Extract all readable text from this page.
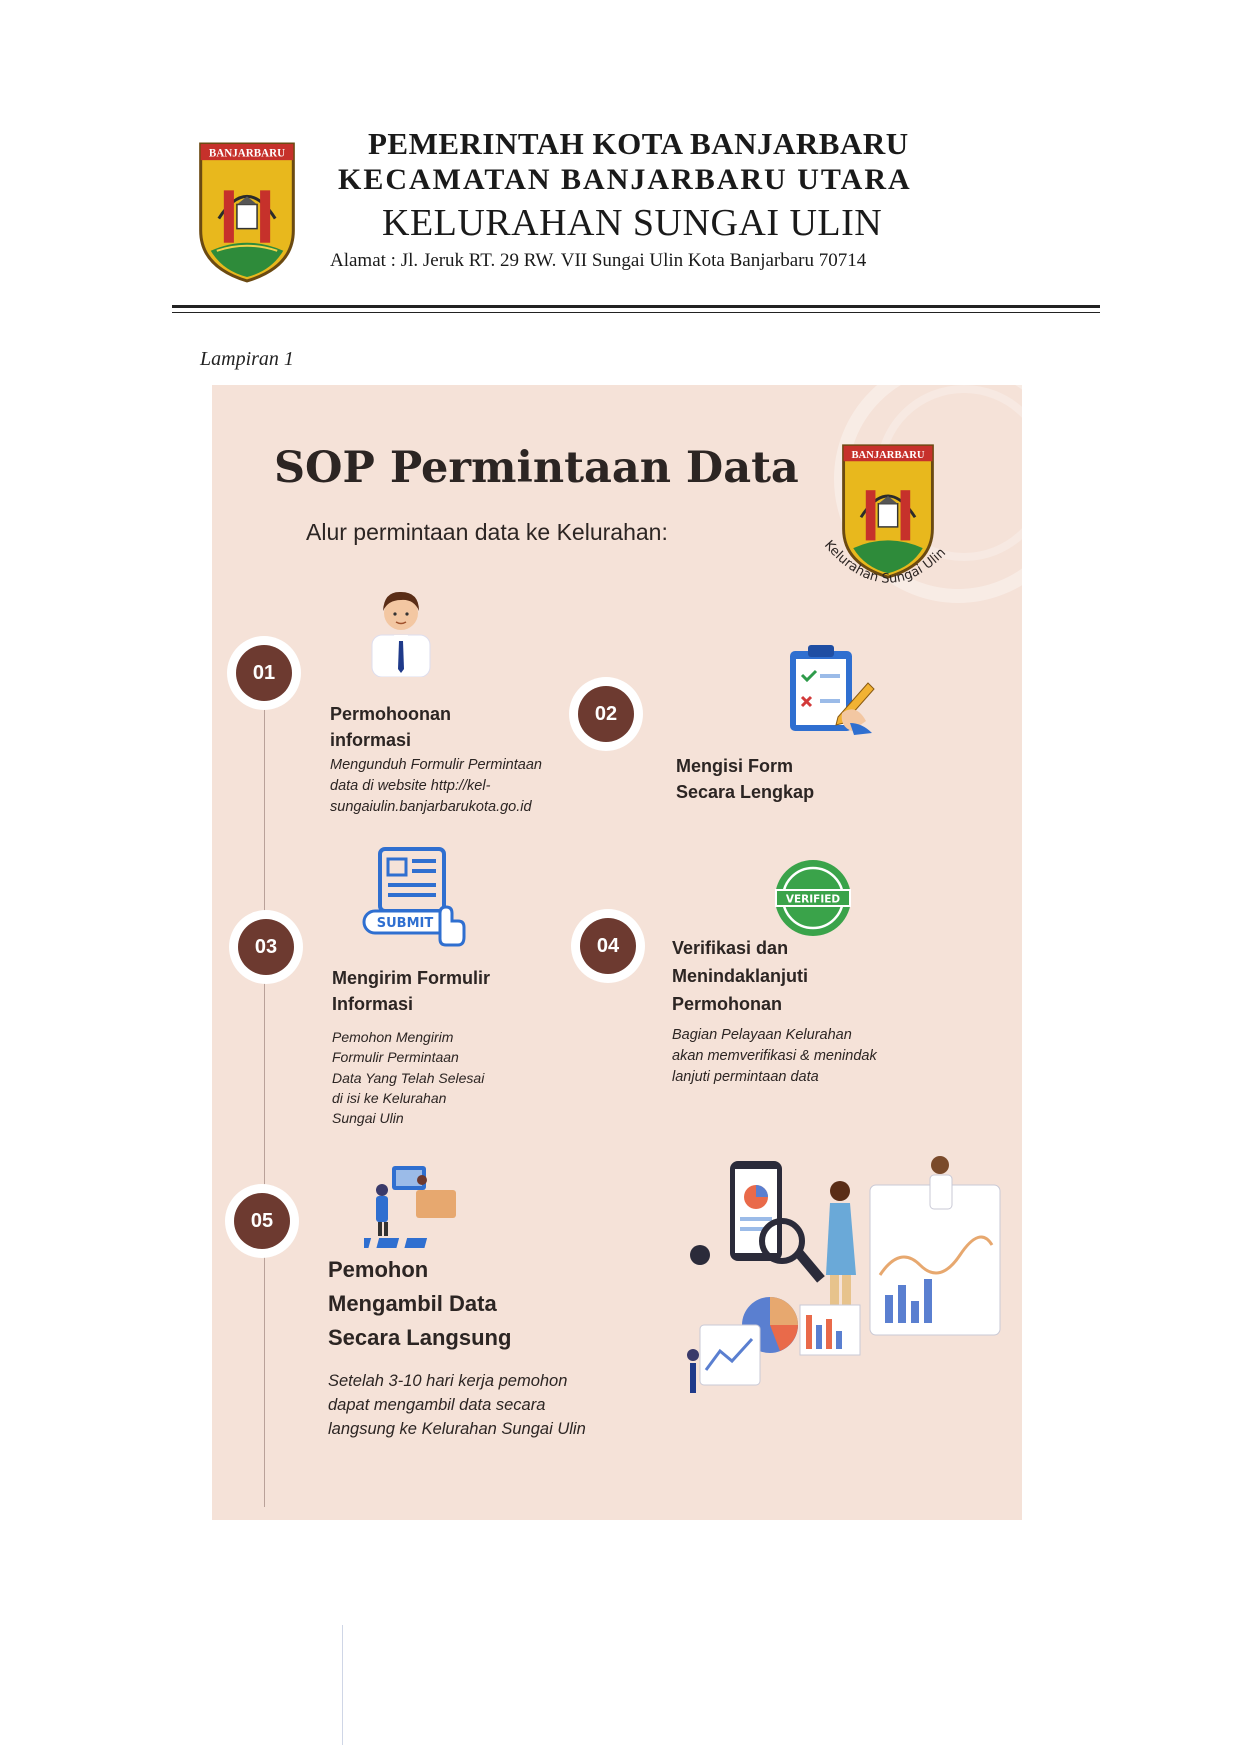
BANJARBARU	PEMERINTAH KOTA BANJARBARU
KECAMATAN BANJARBARU UTARA
KELURAHAN SUNGAI ULIN
Alamat : Jl. Jeruk RT. 29 RW. VII Sungai Ulin Kota Banjarbaru 70714
Lampiran 1
SOP Permintaan Data
Alur permintaan data ke Kelurahan:
BANJARBARU
Kelurahan Sungai Ulin
01
Permohoonan
informasi
Mengunduh Formulir Permintaan
data di website http://kel-
sungaiulin.banjarbarukota.go.id
02
Mengisi Form
Secara Lengkap
SUBMIT
03
Mengirim Formulir
Informasi
Pemohon Mengirim
Formulir Permintaan
Data Yang Telah Selesai
di isi ke Kelurahan
Sungai Ulin
VERIFIED
04	Verifikasi dan
Menindaklanjuti
Permohonan
Bagian Pelayaan Kelurahan
akan memverifikasi & menindak
lanjuti permintaan data
05
Pemohon
Mengambil Data
Secara Langsung
Setelah 3-10 hari kerja pemohon
dapat mengambil data secara
langsung ke Kelurahan Sungai Ulin
